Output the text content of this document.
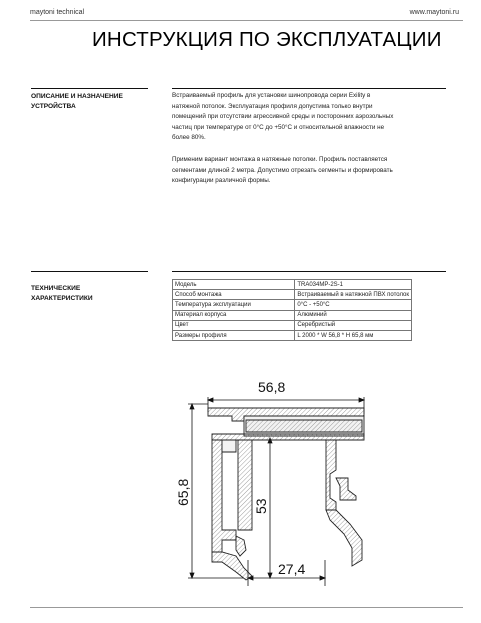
maytoni technical	www.maytoni.ru
ИНСТРУКЦИЯ ПО ЭКСПЛУАТАЦИИ
ОПИСАНИЕ И НАЗНАЧЕНИЕ
УСТРОЙСТВА

Встраиваемый профиль для установки шинопровода серии Exility в натяжной потолок. Эксплуатация профиля допустима только внутри помещений при отсутствии агрессивной среды и посторонних аэрозольных частиц при температуре от 0°С до +50°С и относительной влажности не более 80%.

Применим вариант монтажа в натяжные потолки. Профиль поставляется сегментами длиной 2 метра. Допустимо отрезать сегменты и формировать конфигурации различной формы.

ТЕХНИЧЕСКИЕ
ХАРАКТЕРИСТИКИ
Модель	TRA034MP-2S-1
Способ монтажа	Встраиваемый в натяжной ПВХ потолок
Температура эксплуатации	0°С - +50°С
Материал корпуса	Алюминий
Цвет	Серебристый
Размеры профиля	L 2000 * W 56,8 * H 65,8 мм
56,8
65,8
53
27,4
